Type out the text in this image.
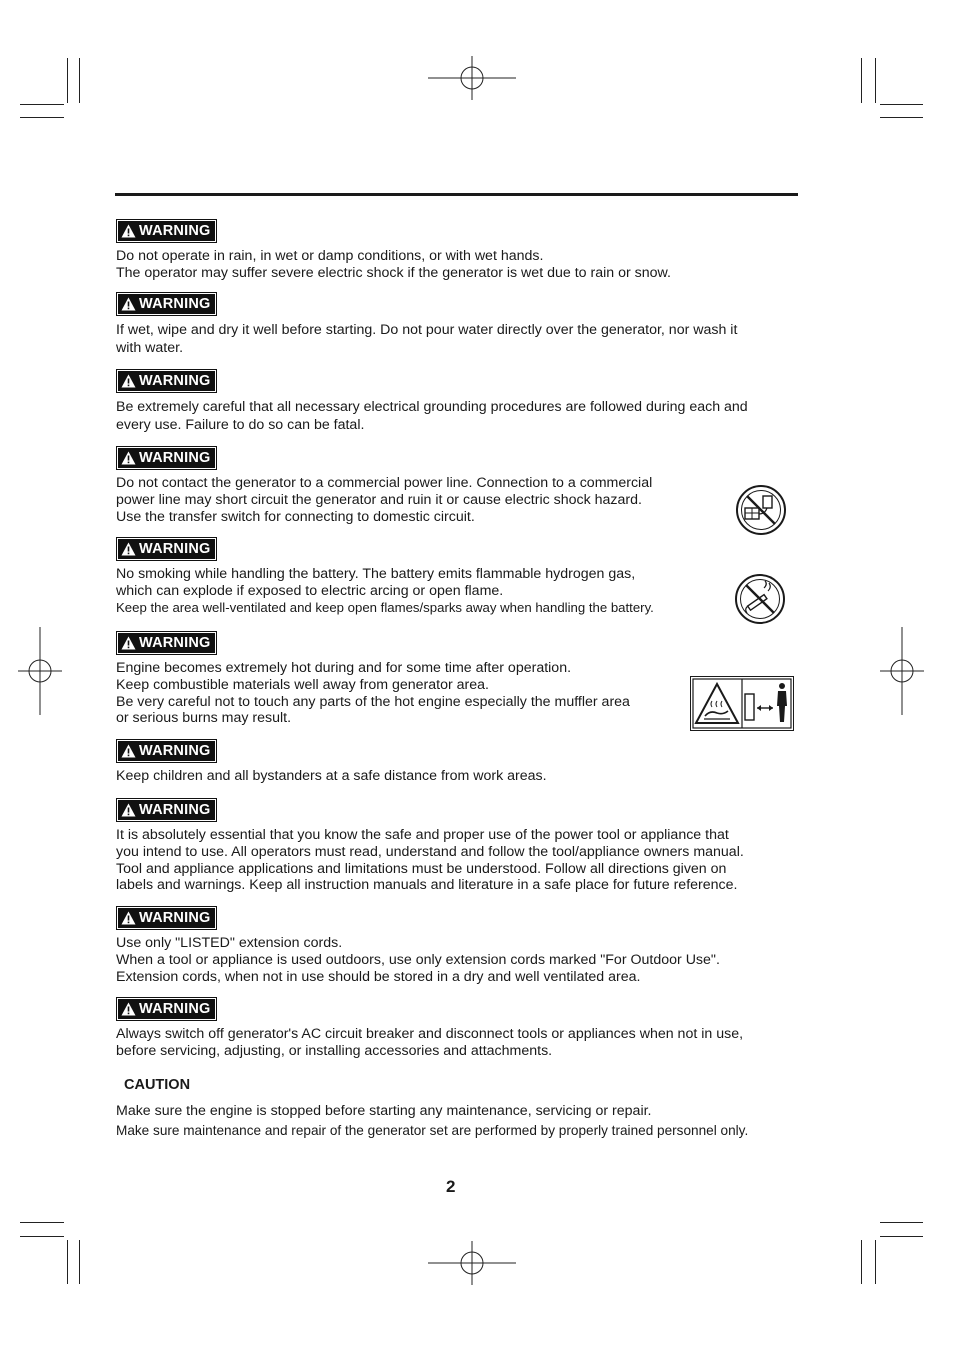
WARNING
Do not operate in rain, in wet or damp conditions, or with wet hands.
The operator may suffer severe electric shock if the generator is wet due to rain or snow.
WARNING
If wet, wipe and dry it well before starting. Do not pour water directly over the generator, nor wash it
with water.
WARNING
Be extremely careful that all necessary electrical grounding procedures are followed during each and
every use. Failure to do so can be fatal.
WARNING
Do not contact the generator to a commercial power line. Connection to a commercial
power line may short circuit the generator and ruin it or cause electric shock hazard.
Use the transfer switch for connecting to domestic circuit.
WARNING
No smoking while handling the battery. The battery emits flammable hydrogen gas,
which can explode if exposed to electric arcing or open flame.
Keep the area well-ventilated and keep open flames/sparks away when handling the battery.
WARNING
Engine becomes extremely hot during and for some time after operation.
Keep combustible materials well away from generator area.
Be very careful not to touch any parts of the hot engine especially the muffler area
or serious burns may result.
WARNING
Keep children and all bystanders at a safe distance from work areas.
WARNING
It is absolutely essential that you know the safe and proper use of the power tool or appliance that
you intend to use. All operators must read, understand and follow the tool/appliance owners manual.
Tool and appliance applications and limitations must be understood. Follow all directions given on
labels and warnings. Keep all instruction manuals and literature in a safe place for future reference.
WARNING
Use only "LISTED" extension cords.
When a tool or appliance is used outdoors, use only extension cords marked "For Outdoor Use".
Extension cords, when not in use should be stored in a dry and well ventilated area.
WARNING
Always switch off generator's AC circuit breaker and disconnect tools or appliances when not in use,
before servicing, adjusting, or installing accessories and attachments.
CAUTION
Make sure the engine is stopped before starting any maintenance, servicing or repair.
Make sure maintenance and repair of the generator set are performed by properly trained personnel only.
2
